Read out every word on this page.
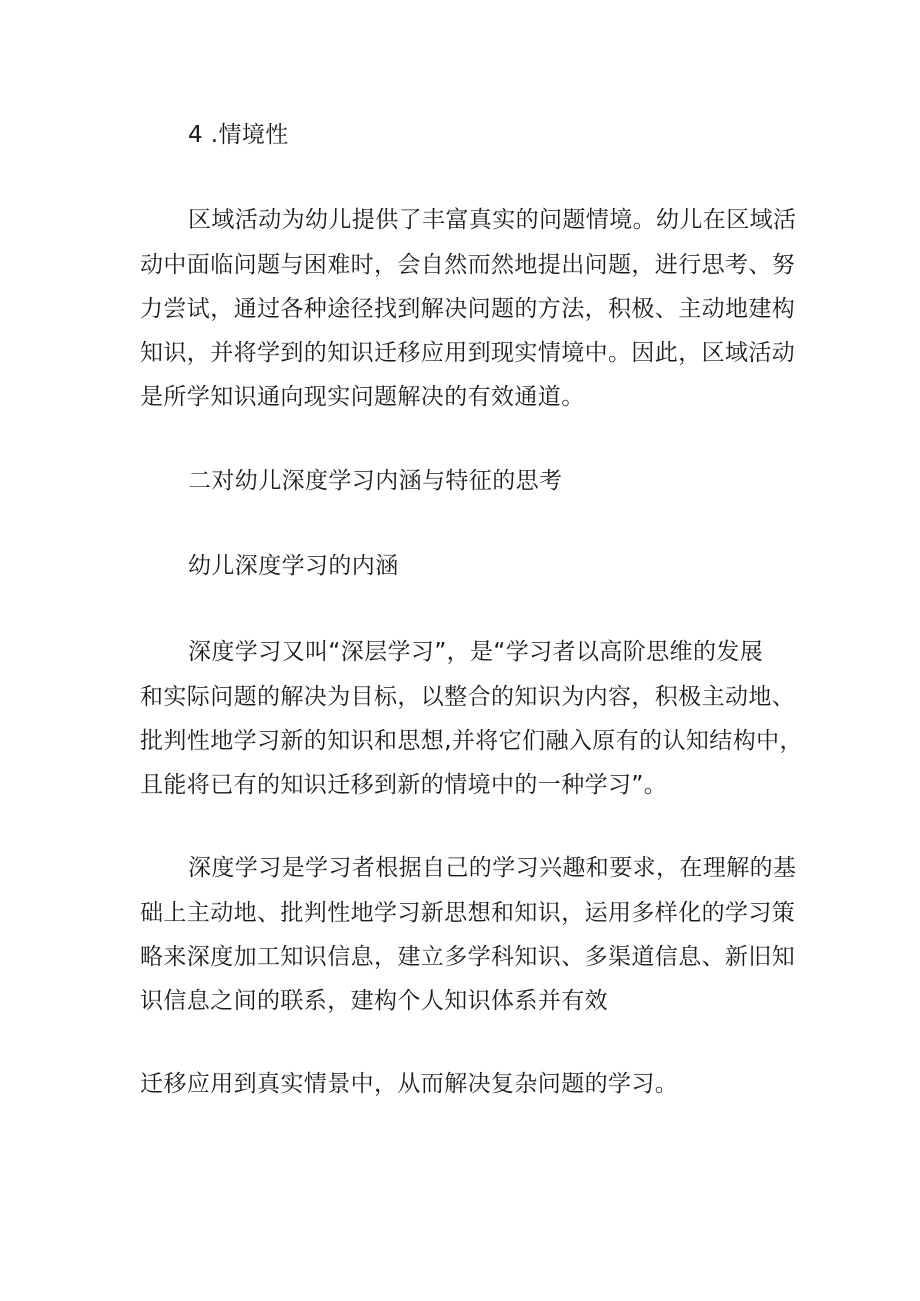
4 .情境性

区域活动为幼儿提供了丰富真实的问题情境。幼儿在区域活

动中面临问题与困难时，会自然而然地提出问题，进行思考、努

力尝试，通过各种途径找到解决问题的方法，积极、主动地建构

知识，并将学到的知识迁移应用到现实情境中。因此，区域活动

是所学知识通向现实问题解决的有效通道。

二对幼儿深度学习内涵与特征的思考

幼儿深度学习的内涵

深度学习又叫“深层学习”，是“学习者以高阶思维的发展

和实际问题的解决为目标，以整合的知识为内容，积极主动地、

批判性地学习新的知识和思想,并将它们融入原有的认知结构中，

且能将已有的知识迁移到新的情境中的一种学习”。

深度学习是学习者根据自己的学习兴趣和要求，在理解的基

础上主动地、批判性地学习新思想和知识，运用多样化的学习策

略来深度加工知识信息，建立多学科知识、多渠道信息、新旧知

识信息之间的联系，建构个人知识体系并有效

迁移应用到真实情景中，从而解决复杂问题的学习。
